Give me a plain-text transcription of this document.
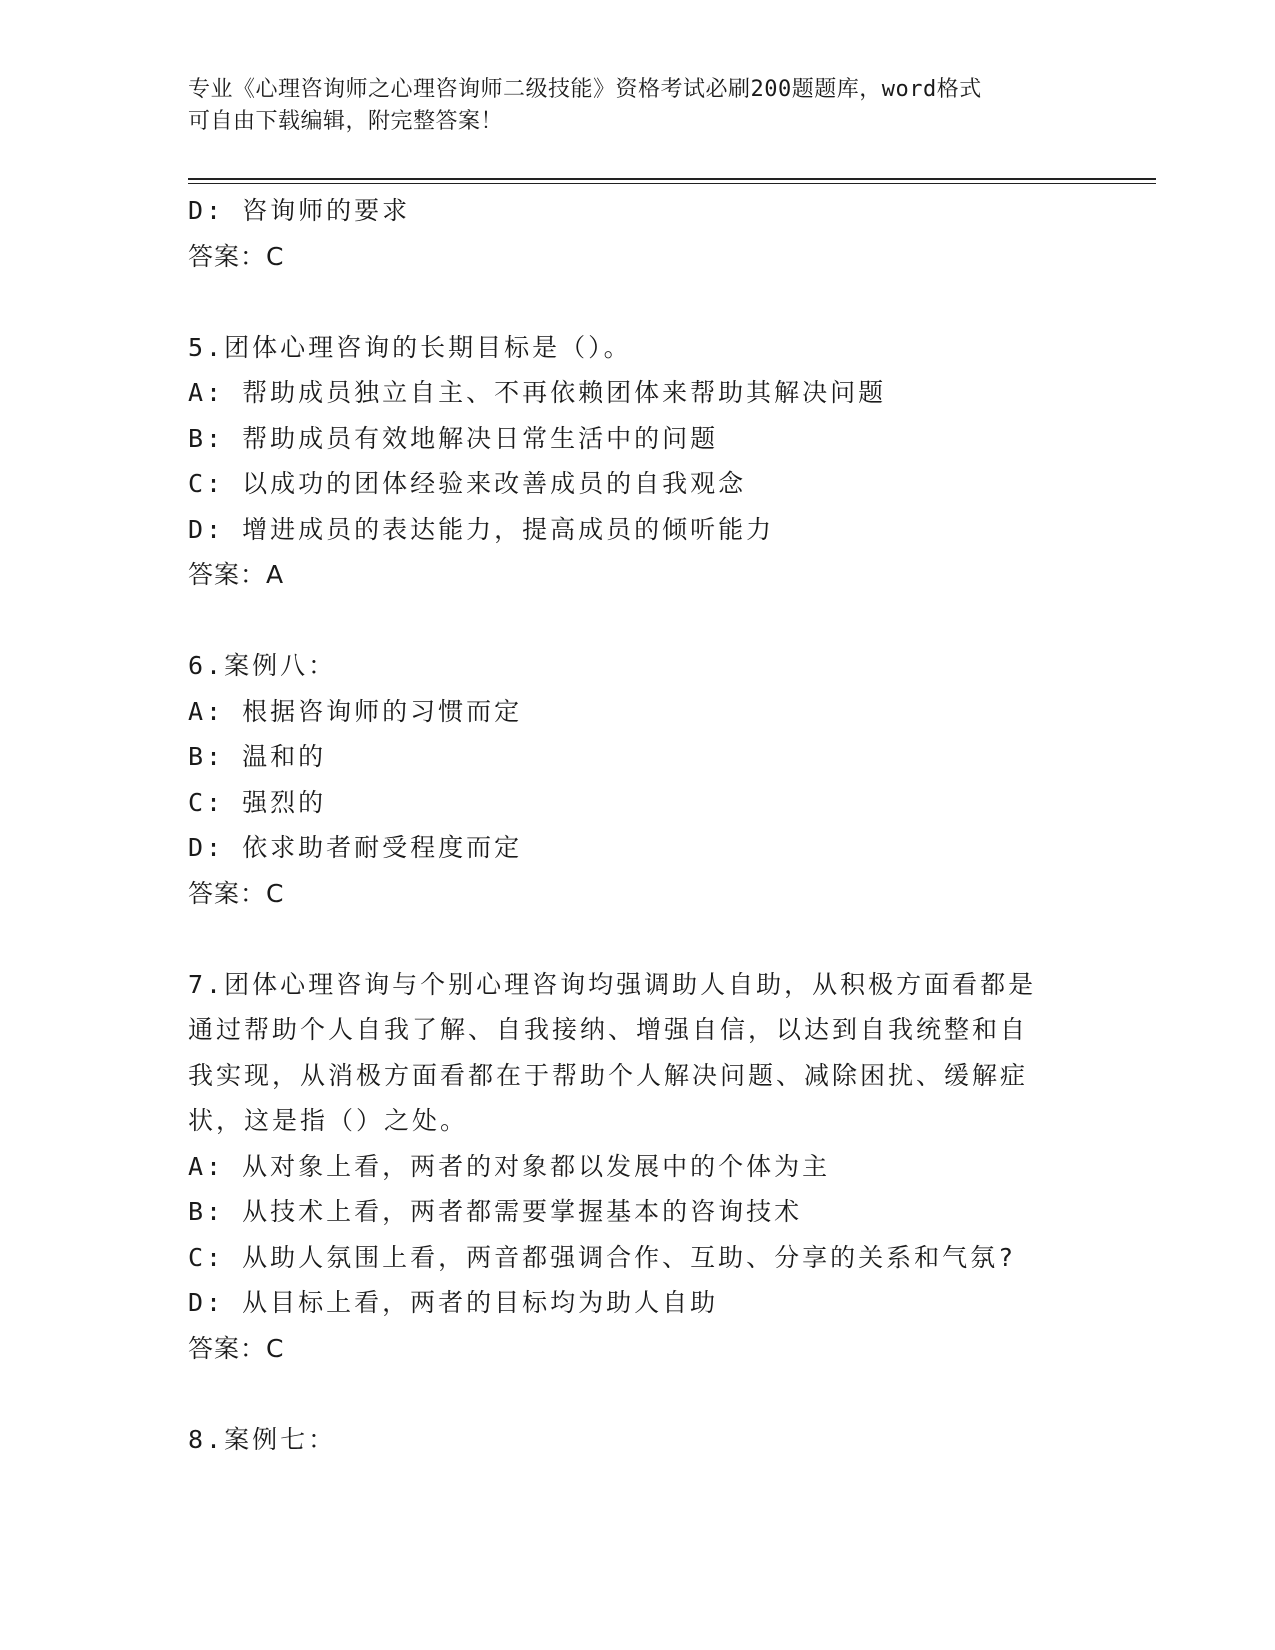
专业《心理咨询师之心理咨询师二级技能》资格考试必刷200题题库，word格式
可自由下载编辑，附完整答案！
D: 咨询师的要求
答案：C
5.团体心理咨询的长期目标是（）。
A: 帮助成员独立自主、不再依赖团体来帮助其解决问题
B: 帮助成员有效地解决日常生活中的问题
C: 以成功的团体经验来改善成员的自我观念
D: 增进成员的表达能力，提高成员的倾听能力
答案：A
6.案例八：
A: 根据咨询师的习惯而定
B: 温和的
C: 强烈的
D: 依求助者耐受程度而定
答案：C
7.团体心理咨询与个别心理咨询均强调助人自助，从积极方面看都是
通过帮助个人自我了解、自我接纳、增强自信，以达到自我统整和自
我实现，从消极方面看都在于帮助个人解决问题、减除困扰、缓解症
状，这是指（）之处。
A: 从对象上看，两者的对象都以发展中的个体为主
B: 从技术上看，两者都需要掌握基本的咨询技术
C: 从助人氛围上看，两音都强调合作、互助、分享的关系和气氛?
D: 从目标上看，两者的目标均为助人自助
答案：C
8.案例七：
